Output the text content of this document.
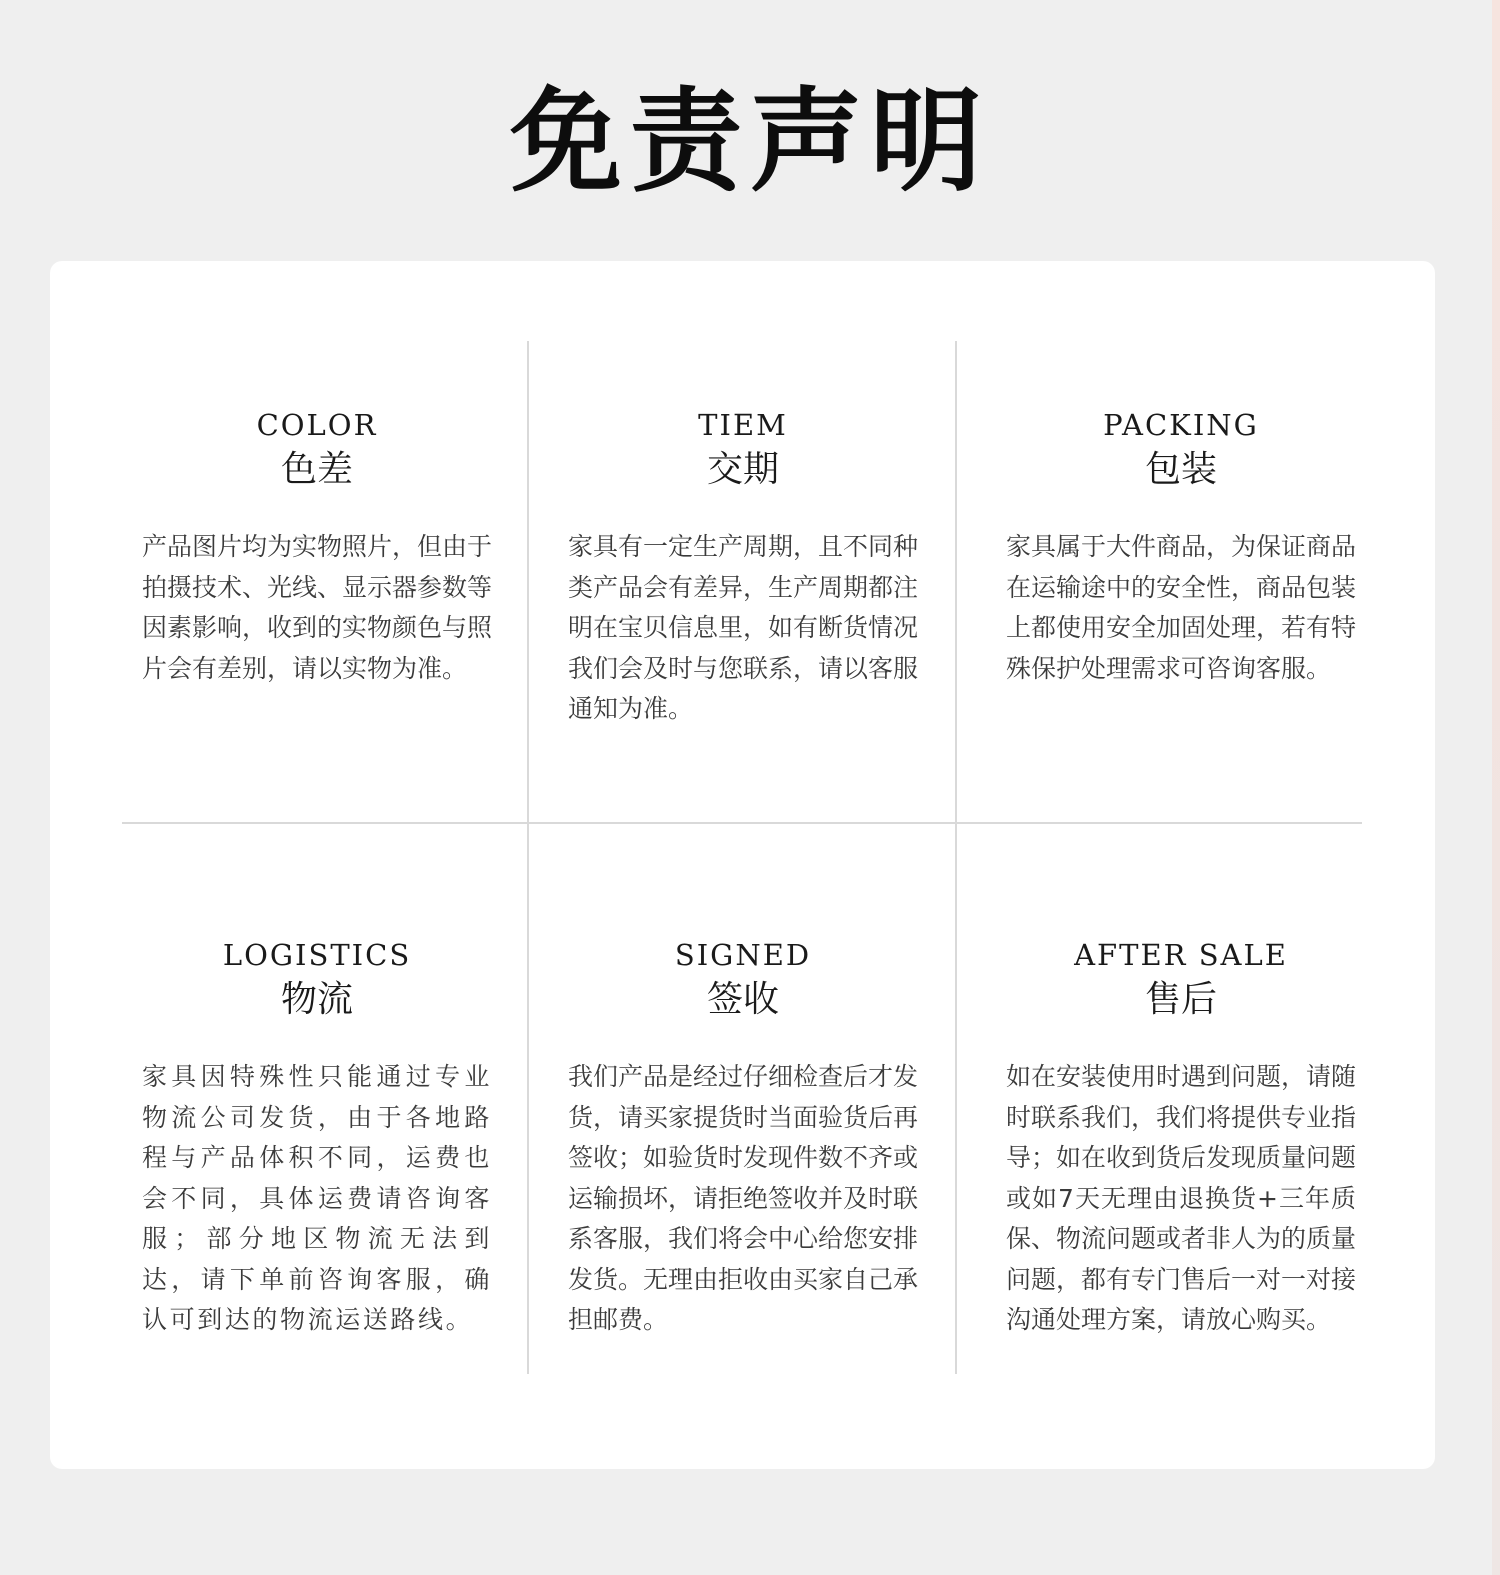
免责声明
COLOR
色差
产品图片均为实物照片，但由于拍摄技术、光线、显示器参数等因素影响，收到的实物颜色与照片会有差别，请以实物为准。
TIEM
交期
家具有一定生产周期，且不同种类产品会有差异，生产周期都注明在宝贝信息里，如有断货情况我们会及时与您联系，请以客服通知为准。
PACKING
包装
家具属于大件商品，为保证商品在运输途中的安全性，商品包装上都使用安全加固处理，若有特殊保护处理需求可咨询客服。
LOGISTICS
物流
家具因特殊性只能通过专业物流公司发货，由于各地路程与产品体积不同，运费也会不同，具体运费请咨询客服；部分地区物流无法到达，请下单前咨询客服，确认可到达的物流运送路线。
SIGNED
签收
我们产品是经过仔细检查后才发货，请买家提货时当面验货后再签收；如验货时发现件数不齐或运输损坏，请拒绝签收并及时联系客服，我们将会中心给您安排发货。无理由拒收由买家自己承担邮费。
AFTER SALE
售后
如在安装使用时遇到问题，请随时联系我们，我们将提供专业指导；如在收到货后发现质量问题或如7天无理由退换货+三年质保、物流问题或者非人为的质量问题，都有专门售后一对一对接沟通处理方案，请放心购买。
